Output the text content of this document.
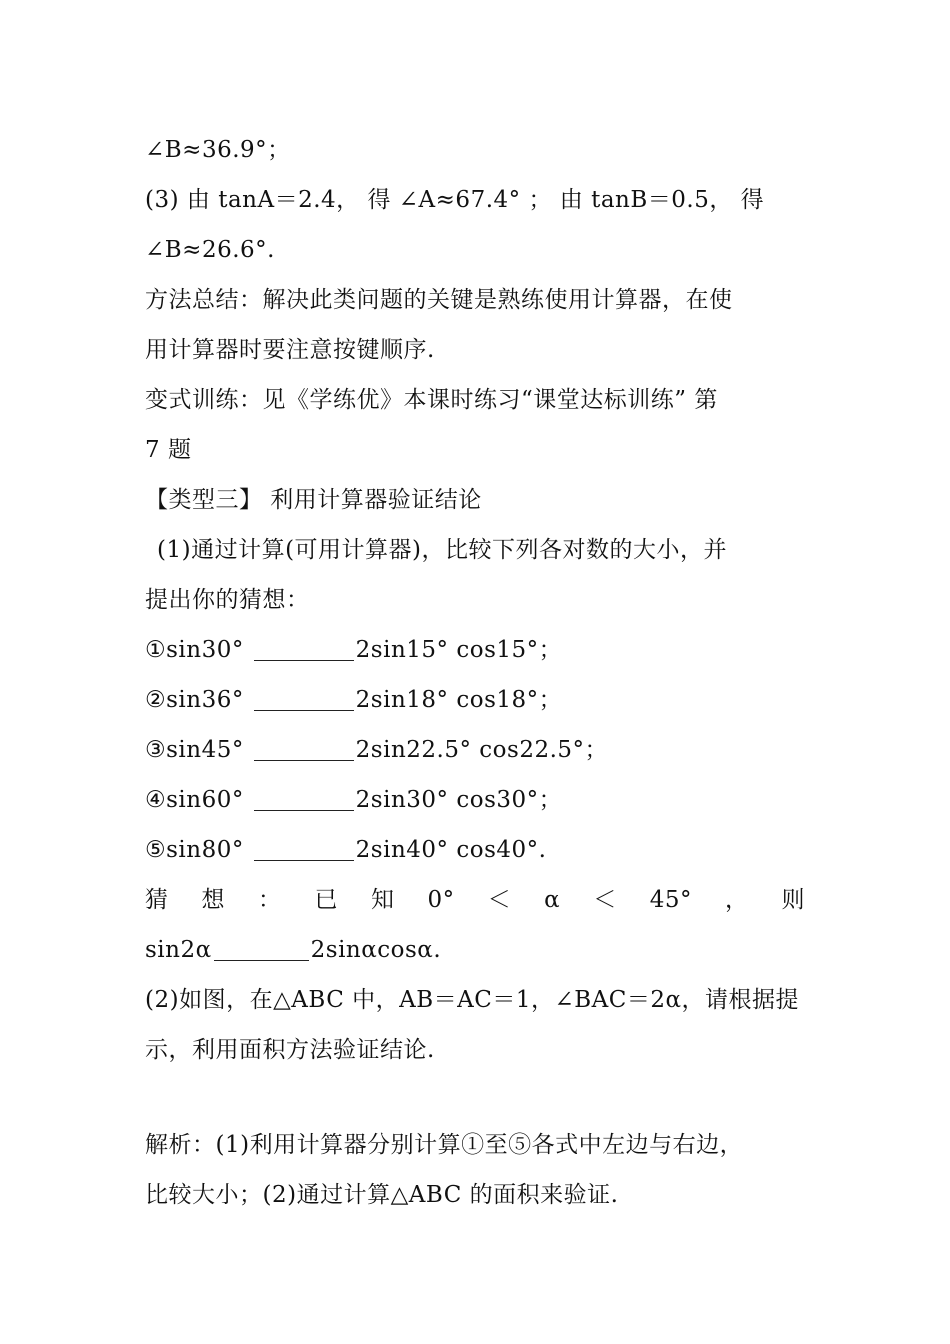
∠B≈36.9°；
(3) 由 tanA＝2.4， 得 ∠A≈67.4° ； 由 tanB＝0.5， 得
∠B≈26.6°.
方法总结：解决此类问题的关键是熟练使用计算器，在使
用计算器时要注意按键顺序.
变式训练：见《学练优》本课时练习“课堂达标训练” 第
7 题
【类型三】 利用计算器验证结论
(1)通过计算(可用计算器)，比较下列各对数的大小，并
提出你的猜想：
①sin30°	2sin15° cos15°；
②sin36°	2sin18° cos18°；
③sin45°	2sin22.5° cos22.5°；
④sin60°	2sin30° cos30°；
⑤sin80°	2sin40° cos40°.
猜 想 ： 已 知 0° ＜ α ＜ 45° ， 则
sin2α	2sinαcosα.
(2)如图，在△ABC 中，AB＝AC＝1，∠BAC＝2α，请根据提
示，利用面积方法验证结论.
解析：(1)利用计算器分别计算①至⑤各式中左边与右边，
比较大小；(2)通过计算△ABC 的面积来验证.
